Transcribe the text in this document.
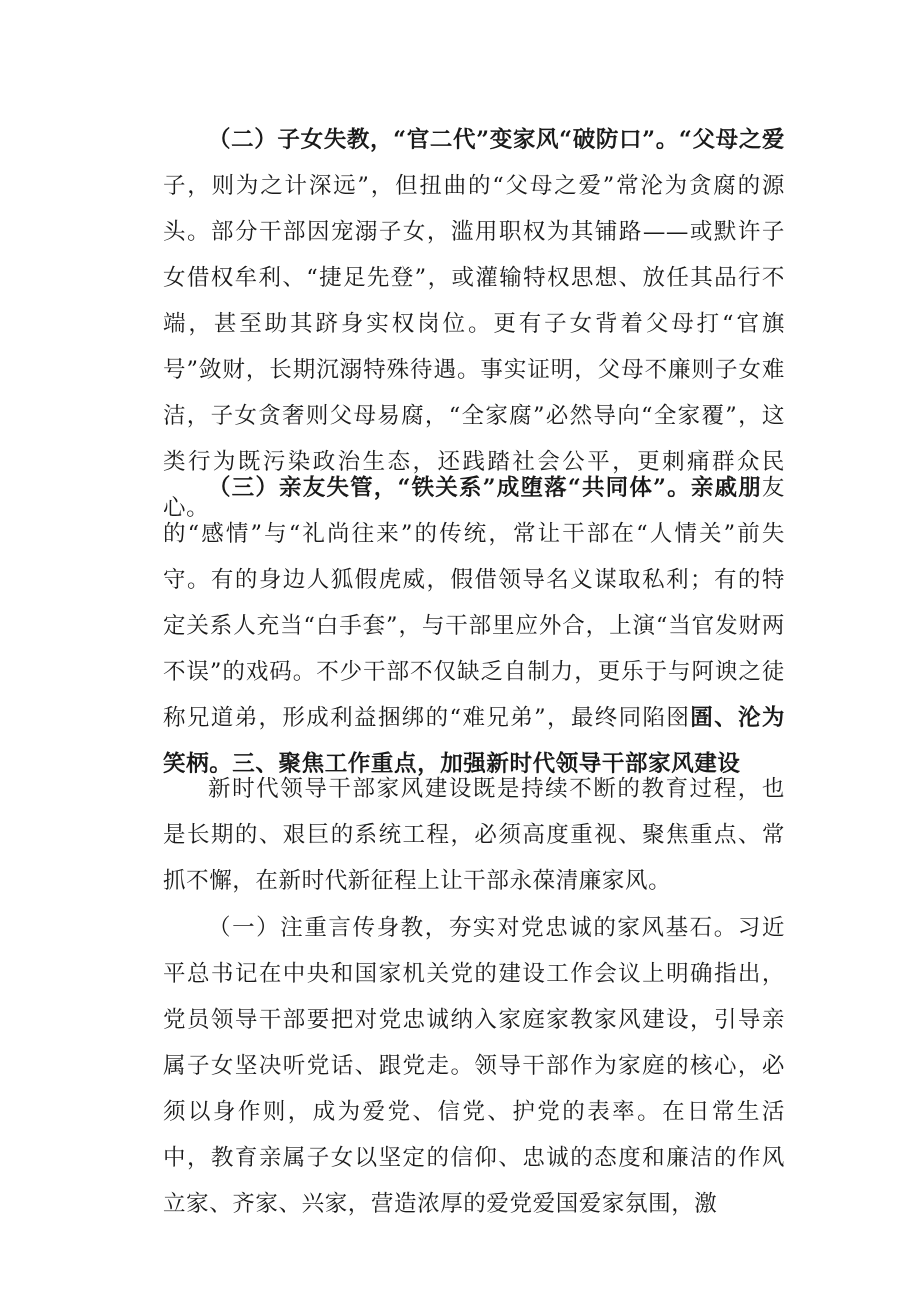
（二）子女失教，“官二代”变家风“破防口”。“父母之爱子，则为之计深远”，但扭曲的“父母之爱”常沦为贪腐的源头。部分干部因宠溺子女，滥用职权为其铺路——或默许子女借权牟利、“捷足先登”，或灌输特权思想、放任其品行不端，甚至助其跻身实权岗位。更有子女背着父母打“官旗号”敛财，长期沉溺特殊待遇。事实证明，父母不廉则子女难洁，子女贪奢则父母易腐，“全家腐”必然导向“全家覆”，这类行为既污染政治生态，还践踏社会公平，更刺痛群众民心。

（三）亲友失管，“铁关系”成堕落“共同体”。亲戚朋友的“感情”与“礼尚往来”的传统，常让干部在“人情关”前失守。有的身边人狐假虎威，假借领导名义谋取私利；有的特定关系人充当“白手套”，与干部里应外合，上演“当官发财两不误”的戏码。不少干部不仅缺乏自制力，更乐于与阿谀之徒称兄道弟，形成利益捆绑的“难兄弟”，最终同陷囹圄、沦为笑柄。三、聚焦工作重点，加强新时代领导干部家风建设

新时代领导干部家风建设既是持续不断的教育过程，也是长期的、艰巨的系统工程，必须高度重视、聚焦重点、常抓不懈，在新时代新征程上让干部永葆清廉家风。

（一）注重言传身教，夯实对党忠诚的家风基石。习近平总书记在中央和国家机关党的建设工作会议上明确指出，党员领导干部要把对党忠诚纳入家庭家教家风建设，引导亲属子女坚决听党话、跟党走。领导干部作为家庭的核心，必须以身作则，成为爱党、信党、护党的表率。在日常生活中，教育亲属子女以坚定的信仰、忠诚的态度和廉洁的作风立家、齐家、兴家，营造浓厚的爱党爱国爱家氛围，激
